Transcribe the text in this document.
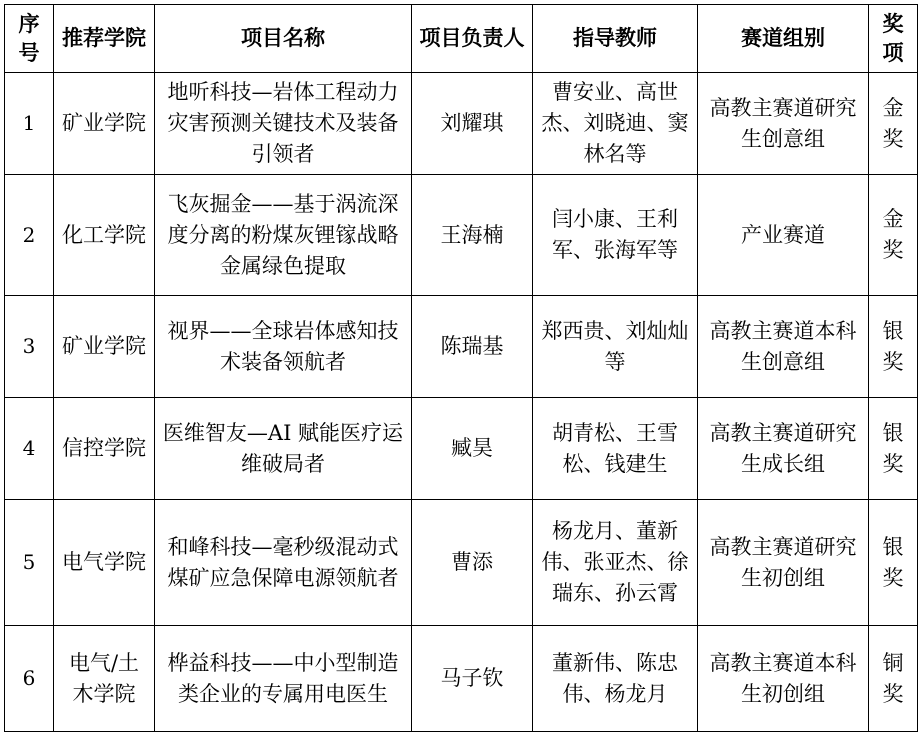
序号	推荐学院	项目名称	项目负责人	指导教师	赛道组别	奖项
1	矿业学院	地听科技—岩体工程动力灾害预测关键技术及装备引领者	刘耀琪	曹安业、高世杰、刘晓迪、窦林名等	高教主赛道研究生创意组	金奖
2	化工学院	飞灰掘金——基于涡流深度分离的粉煤灰锂镓战略金属绿色提取	王海楠	闫小康、王利军、张海军等	产业赛道	金奖
3	矿业学院	视界——全球岩体感知技术装备领航者	陈瑞基	郑西贵、刘灿灿等	高教主赛道本科生创意组	银奖
4	信控学院	医维智友—AI 赋能医疗运维破局者	臧昊	胡青松、王雪松、钱建生	高教主赛道研究生成长组	银奖
5	电气学院	和峰科技—毫秒级混动式煤矿应急保障电源领航者	曹添	杨龙月、董新伟、张亚杰、徐瑞东、孙云霄	高教主赛道研究生初创组	银奖
6	电气/土木学院	桦益科技——中小型制造类企业的专属用电医生	马子钦	董新伟、陈忠伟、杨龙月	高教主赛道本科生初创组	铜奖
